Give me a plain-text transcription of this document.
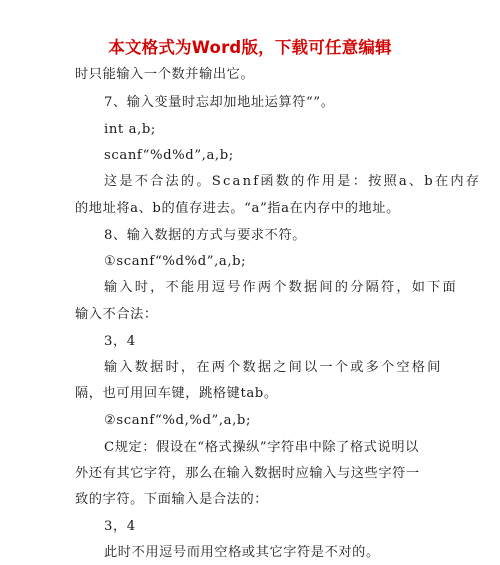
本文格式为Word版，下载可任意编辑
时只能输入一个数并输出它。
7、输入变量时忘却加地址运算符“”。
int a,b;
scanf“%d%d”,a,b;
这是不合法的。Scanf函数的作用是：按照a、b在内存
的地址将a、b的值存进去。“a”指a在内存中的地址。
8、输入数据的方式与要求不符。
①scanf“%d%d”,a,b;
输入时，不能用逗号作两个数据间的分隔符，如下面
输入不合法：
3，4
输入数据时，在两个数据之间以一个或多个空格间
隔，也可用回车键，跳格键tab。
②scanf“%d,%d”,a,b;
C规定：假设在“格式操纵”字符串中除了格式说明以
外还有其它字符，那么在输入数据时应输入与这些字符一
致的字符。下面输入是合法的：
3，4
此时不用逗号而用空格或其它字符是不对的。
